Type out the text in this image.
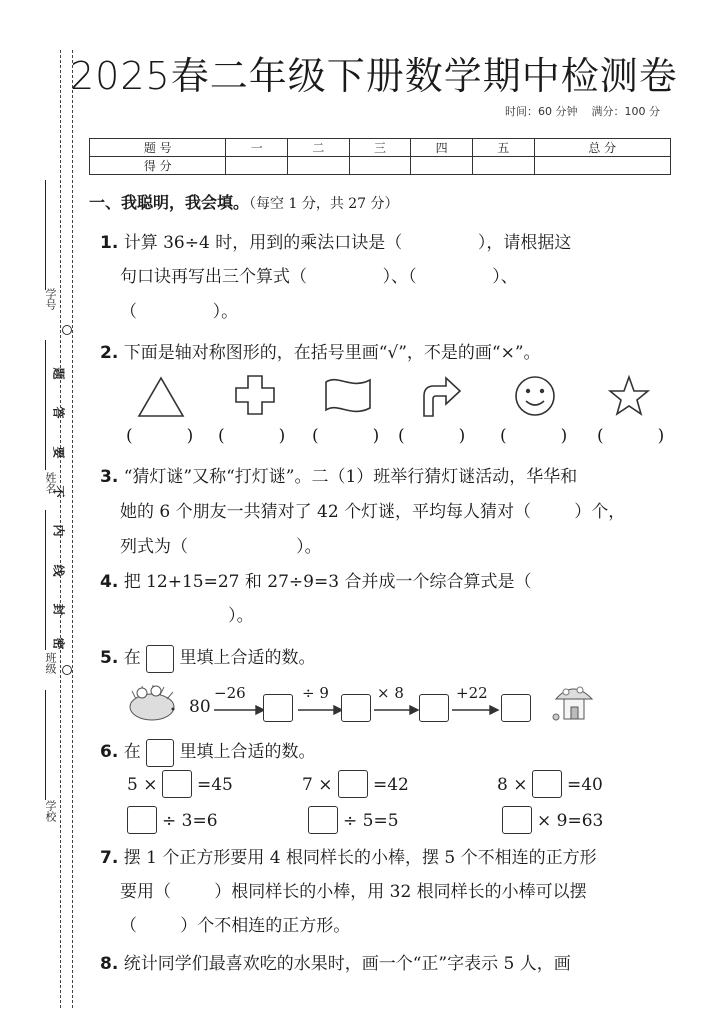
学号
姓名
班级
学校
密
封
线
内
不
要
答
题
2025春二年级下册数学期中检测卷
时间：60 分钟 满分：100 分
题 号	一	二	三	四	五	总 分
得 分						
一、我聪明，我会填。（每空 1 分，共 27 分）
1. 计算 36÷4 时，用到的乘法口诀是（              ），请根据这
句口诀再写出三个算式（              ）、（              ）、
（              ）。
2. 下面是轴对称图形的，在括号里画“√”，不是的画“×”。
(          ) (          ) (          ) (          ) (          ) (          )
3. “猜灯谜”又称“打灯谜”。二（1）班举行猜灯谜活动，华华和
她的 6 个朋友一共猜对了 42 个灯谜，平均每人猜对（        ）个，
列式为（                    ）。
4. 把 12+15=27 和 27÷9=3 合并成一个综合算式是（
）。
5. 在 里填上合适的数。
80
−26	÷ 9	× 8	+22
6. 在 里填上合适的数。
5 × =45	7 × =42	8 × =40
÷ 3=6	÷ 5=5	× 9=63
7. 摆 1 个正方形要用 4 根同样长的小棒，摆 5 个不相连的正方形
要用（        ）根同样长的小棒，用 32 根同样长的小棒可以摆
（        ）个不相连的正方形。
8. 统计同学们最喜欢吃的水果时，画一个“正”字表示 5 人，画
